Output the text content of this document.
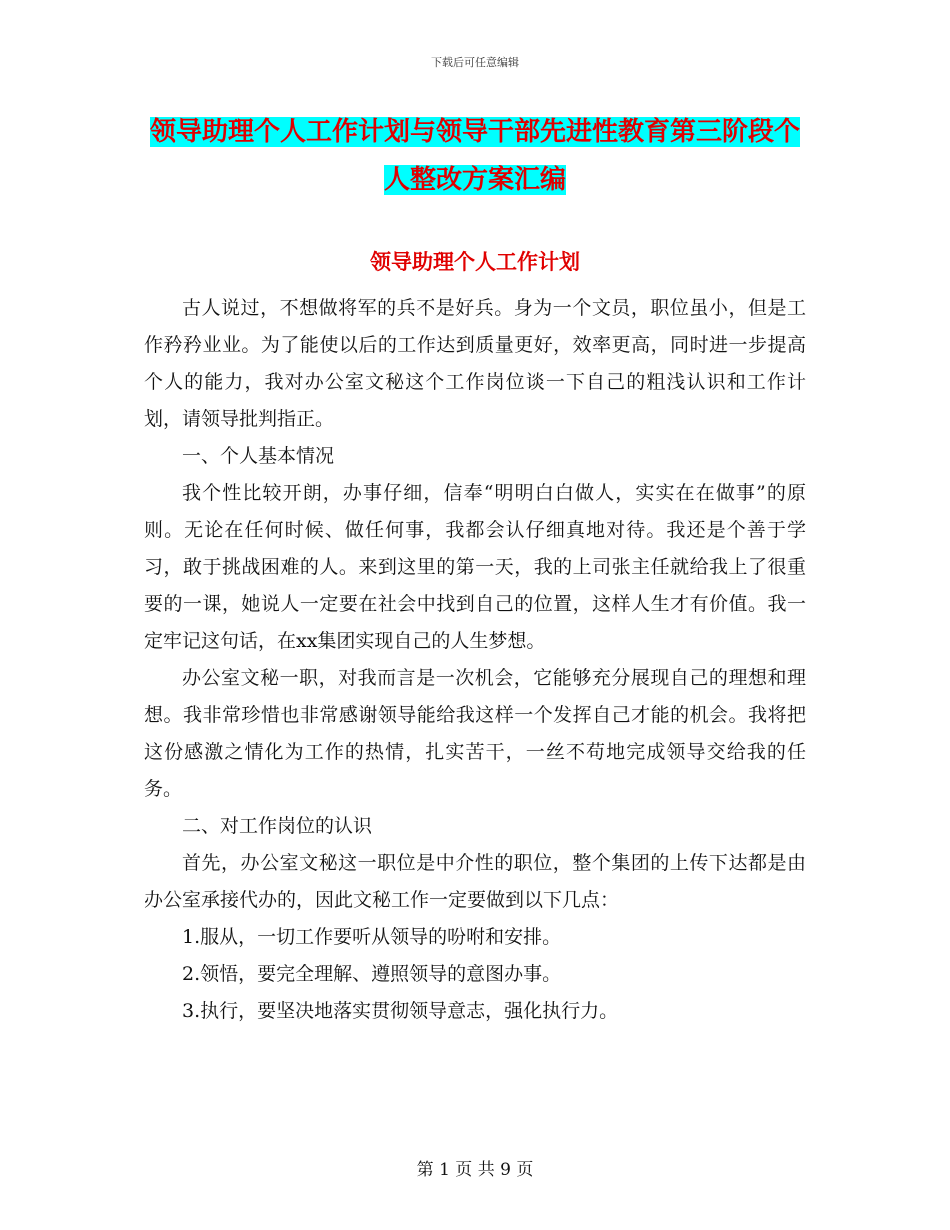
下载后可任意编辑
领导助理个人工作计划与领导干部先进性教育第三阶段个人整改方案汇编
领导助理个人工作计划

古人说过，不想做将军的兵不是好兵。身为一个文员，职位虽小，但是工作矜矜业业。为了能使以后的工作达到质量更好，效率更高，同时进一步提高个人的能力，我对办公室文秘这个工作岗位谈一下自己的粗浅认识和工作计划，请领导批判指正。

一、个人基本情况

我个性比较开朗，办事仔细，信奉“明明白白做人，实实在在做事”的原则。无论在任何时候、做任何事，我都会认仔细真地对待。我还是个善于学习，敢于挑战困难的人。来到这里的第一天，我的上司张主任就给我上了很重要的一课，她说人一定要在社会中找到自己的位置，这样人生才有价值。我一定牢记这句话，在xx集团实现自己的人生梦想。

办公室文秘一职，对我而言是一次机会，它能够充分展现自己的理想和理想。我非常珍惜也非常感谢领导能给我这样一个发挥自己才能的机会。我将把这份感激之情化为工作的热情，扎实苦干，一丝不苟地完成领导交给我的任务。

二、对工作岗位的认识

首先，办公室文秘这一职位是中介性的职位，整个集团的上传下达都是由办公室承接代办的，因此文秘工作一定要做到以下几点：

1.服从，一切工作要听从领导的吩咐和安排。

2.领悟，要完全理解、遵照领导的意图办事。

3.执行，要坚决地落实贯彻领导意志，强化执行力。

第 1 页 共 9 页
